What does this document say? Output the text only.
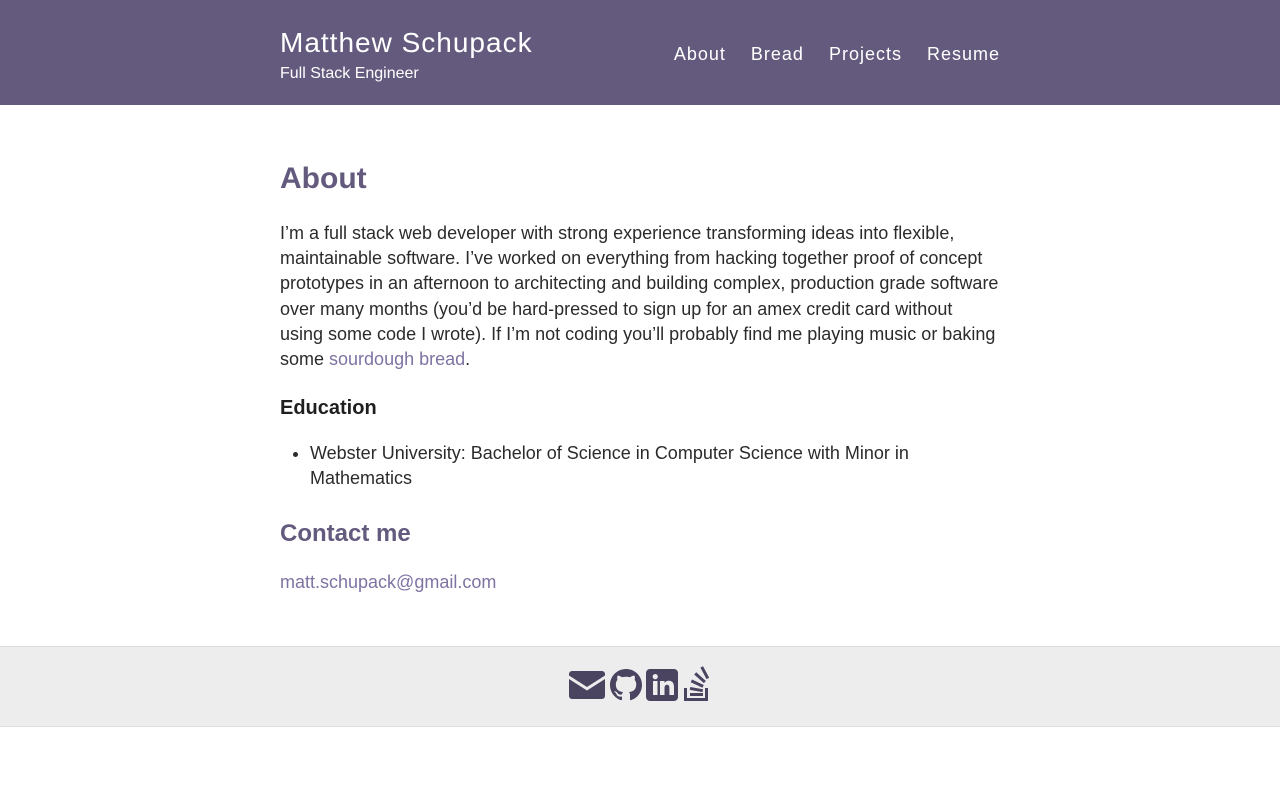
Matthew Schupack
Full Stack Engineer
About Bread Projects Resume
About

I’m a full stack web developer with strong experience transforming ideas into flexible, maintainable software. I’ve worked on everything from hacking together proof of concept prototypes in an afternoon to architecting and building complex, production grade software over many months (you’d be hard-pressed to sign up for an amex credit card without using some code I wrote). If I’m not coding you’ll probably find me playing music or baking some sourdough bread.

Education
• Webster University: Bachelor of Science in Computer Science with Minor in Mathematics
Contact me
matt.schupack@gmail.com
